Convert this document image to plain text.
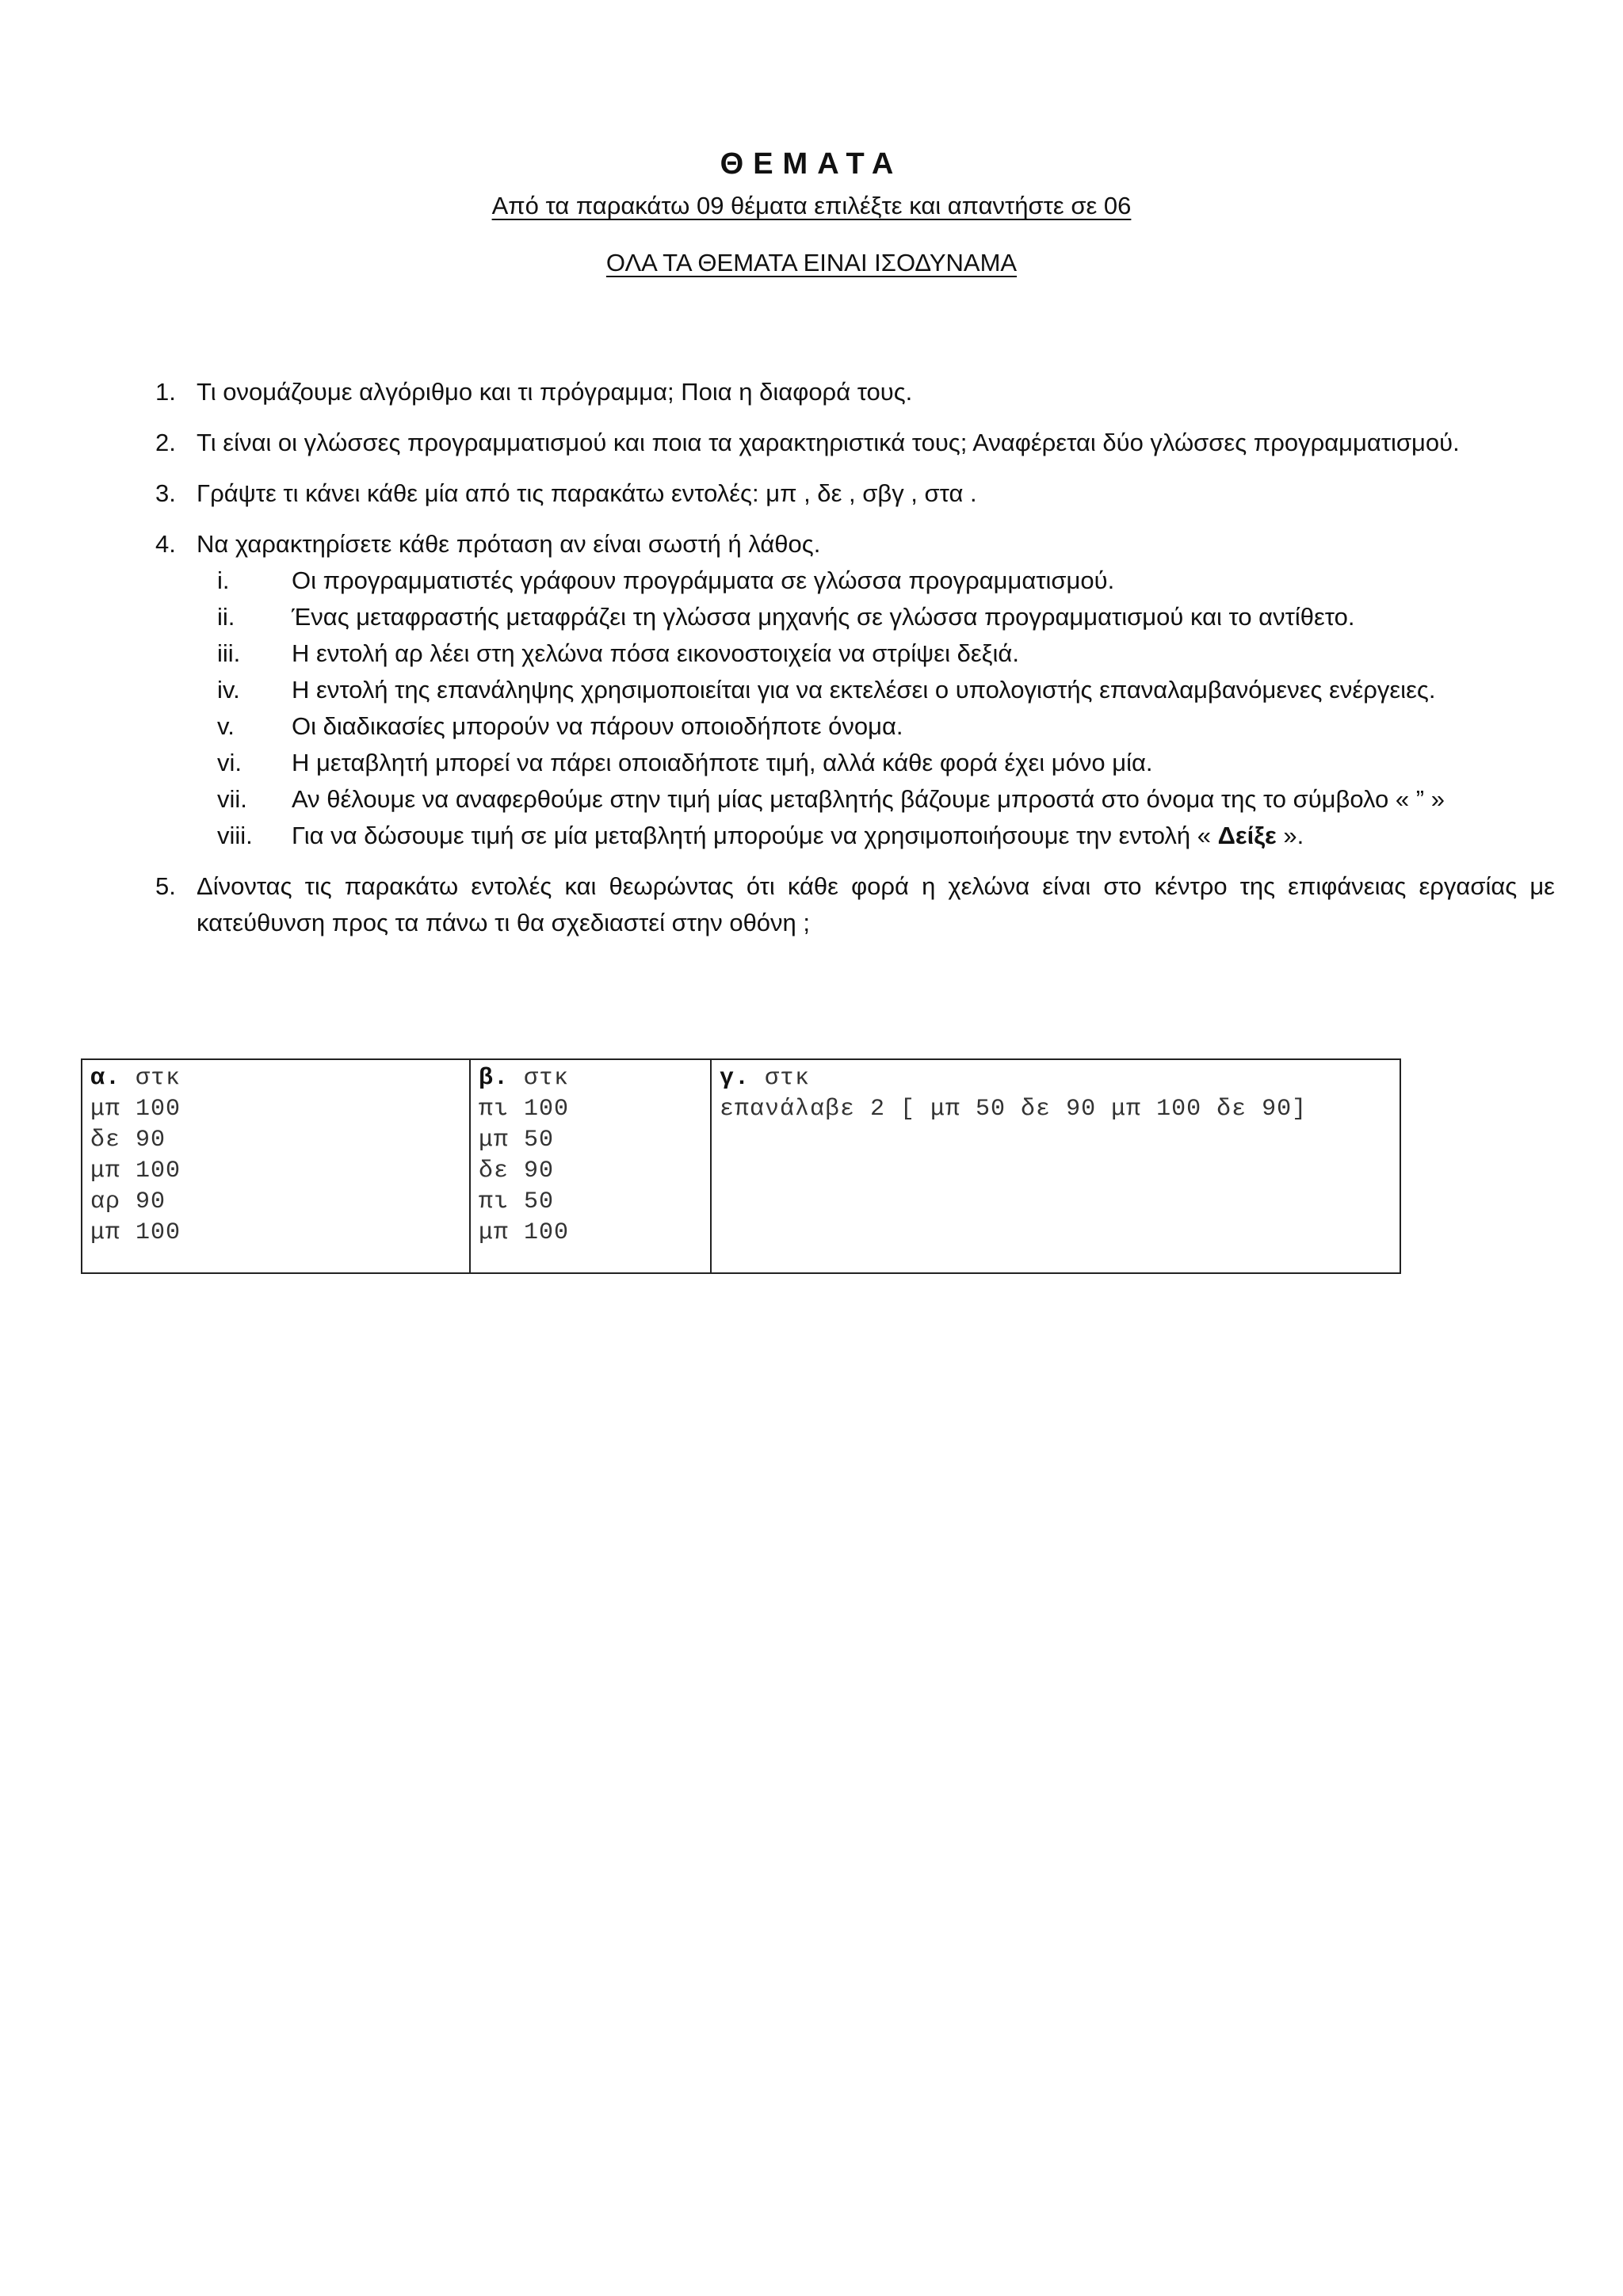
ΘΕΜΑΤΑ
Από τα παρακάτω 09 θέματα επιλέξτε και απαντήστε σε 06
ΟΛΑ ΤΑ ΘΕΜΑΤΑ ΕΙΝΑΙ ΙΣΟΔΥΝΑΜΑ
1. Τι ονομάζουμε αλγόριθμο και τι πρόγραμμα; Ποια η διαφορά τους.
2. Τι είναι οι γλώσσες προγραμματισμού και ποια τα χαρακτηριστικά τους; Αναφέρεται δύο γλώσσες προγραμματισμού.
3. Γράψτε τι κάνει κάθε μία από τις παρακάτω εντολές: μπ , δε , σβγ , στα .
4. Να χαρακτηρίσετε κάθε πρόταση αν είναι σωστή ή λάθος.
i.	Οι προγραμματιστές γράφουν προγράμματα σε γλώσσα προγραμματισμού.
ii. Ένας μεταφραστής μεταφράζει τη γλώσσα μηχανής σε γλώσσα προγραμματισμού και το αντίθετο.
iii. Η εντολή αρ λέει στη χελώνα πόσα εικονοστοιχεία να στρίψει δεξιά.
iv. Η εντολή της επανάληψης χρησιμοποιείται για να εκτελέσει ο υπολογιστής επαναλαμβανόμενες ενέργειες.
v. Οι διαδικασίες μπορούν να πάρουν οποιοδήποτε όνομα.
vi. Η μεταβλητή μπορεί να πάρει οποιαδήποτε τιμή, αλλά κάθε φορά έχει μόνο μία.
vii. Αν θέλουμε να αναφερθούμε στην τιμή μίας μεταβλητής βάζουμε μπροστά στο όνομα της το σύμβολο « ” »
viii. Για να δώσουμε τιμή σε μία μεταβλητή μπορούμε να χρησιμοποιήσουμε την εντολή « Δείξε ».
5. Δίνοντας τις παρακάτω εντολές και θεωρώντας ότι κάθε φορά η χελώνα είναι στο κέντρο της επιφάνειας εργασίας με κατεύθυνση προς τα πάνω τι θα σχεδιαστεί στην οθόνη ;
α. στκ
μπ 100
δε 90
μπ 100
αρ 90
μπ 100
β. στκ
πι 100
μπ 50
δε 90
πι 50
μπ 100
γ. στκ
επανάλαβε 2 [ μπ 50 δε 90 μπ 100 δε 90]
